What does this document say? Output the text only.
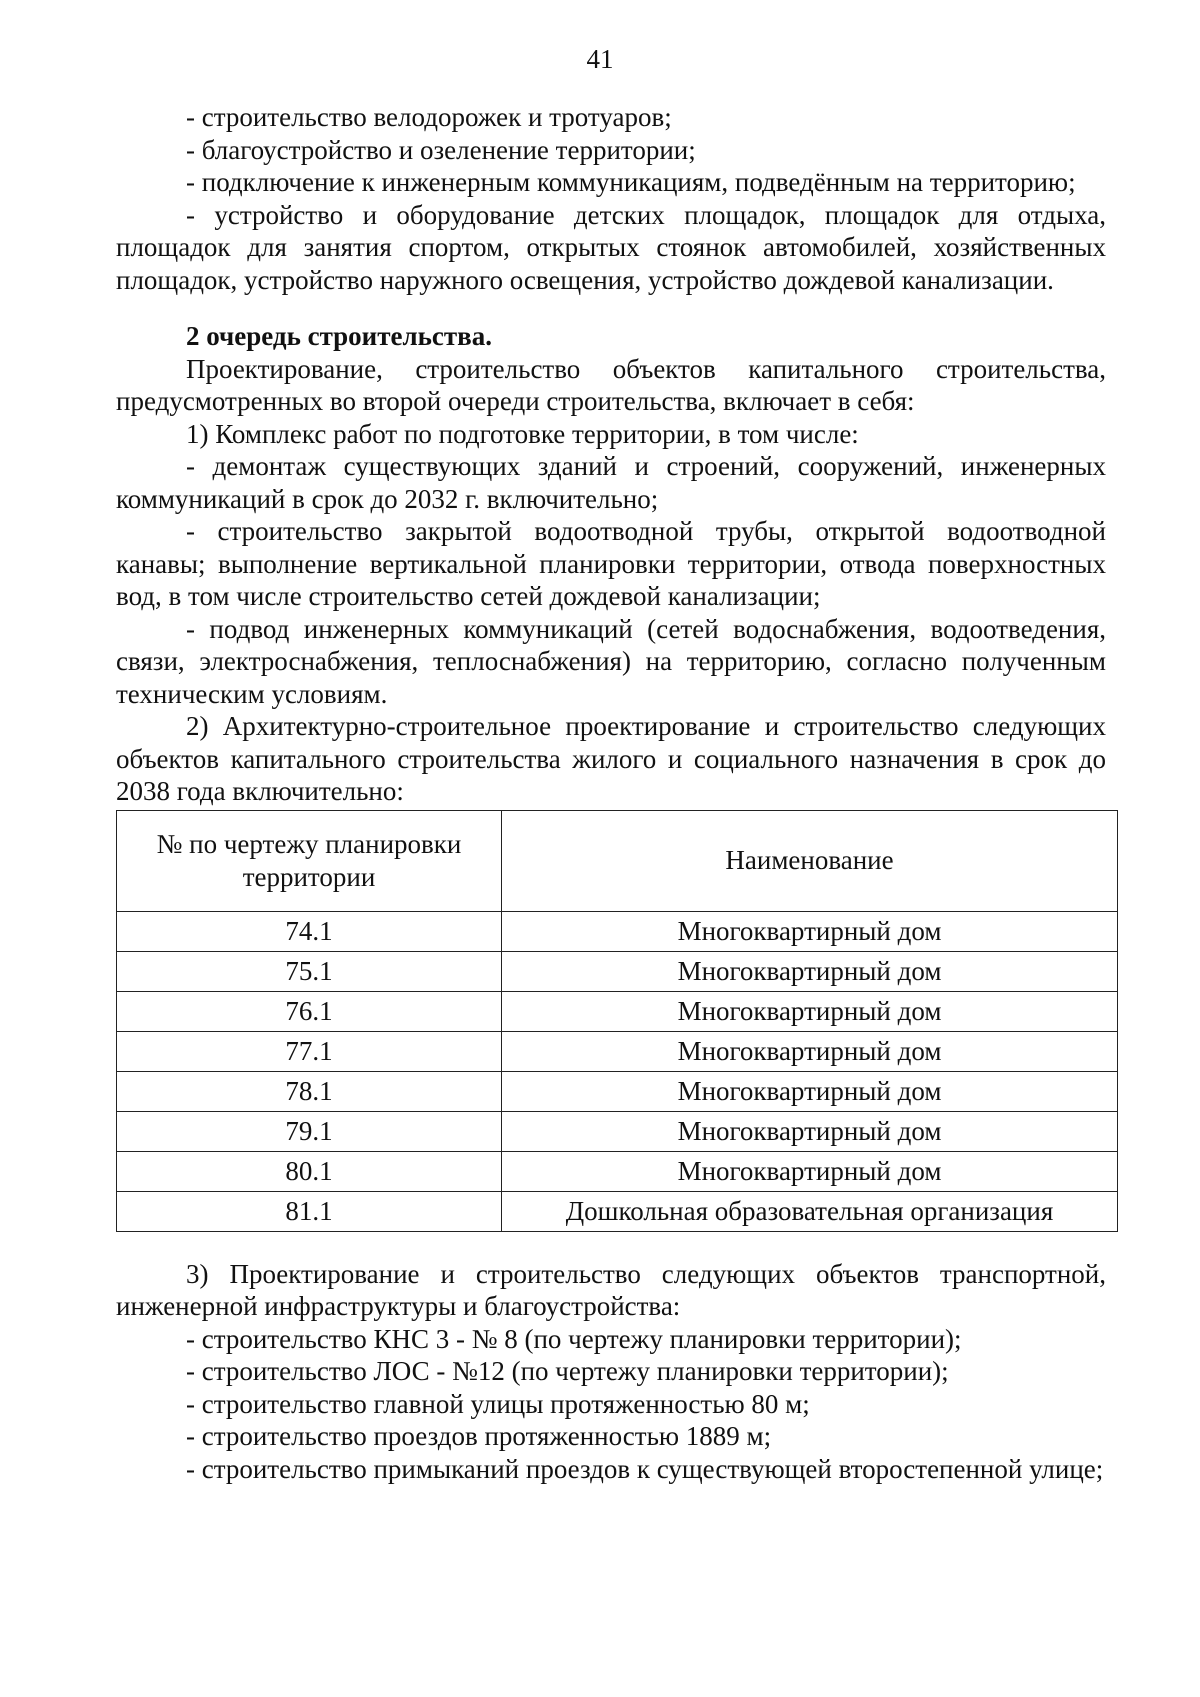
41

- строительство велодорожек и тротуаров;

- благоустройство и озеленение территории;

- подключение к инженерным коммуникациям, подведённым на территорию;

- устройство и оборудование детских площадок, площадок для отдыха, площадок для занятия спортом, открытых стоянок автомобилей, хозяйственных площадок, устройство наружного освещения, устройство дождевой канализации.

2 очередь строительства.

Проектирование, строительство объектов капитального строительства, предусмотренных во второй очереди строительства, включает в себя:

1) Комплекс работ по подготовке территории, в том числе:

- демонтаж существующих зданий и строений, сооружений, инженерных коммуникаций в срок до 2032 г. включительно;

- строительство закрытой водоотводной трубы, открытой водоотводной канавы; выполнение вертикальной планировки территории, отвода поверхностных вод, в том числе строительство сетей дождевой канализации;

- подвод инженерных коммуникаций (сетей водоснабжения, водоотведения, связи, электроснабжения, теплоснабжения) на территорию, согласно полученным техническим условиям.

2) Архитектурно-строительное проектирование и строительство следующих объектов капитального строительства жилого и социального назначения в срок до 2038 года включительно:

№ по чертежу планировки территории	Наименование
74.1	Многоквартирный дом
75.1	Многоквартирный дом
76.1	Многоквартирный дом
77.1	Многоквартирный дом
78.1	Многоквартирный дом
79.1	Многоквартирный дом
80.1	Многоквартирный дом
81.1	Дошкольная образовательная организация

3) Проектирование и строительство следующих объектов транспортной, инженерной инфраструктуры и благоустройства:

- строительство КНС 3 - № 8 (по чертежу планировки территории);

- строительство ЛОС - №12 (по чертежу планировки территории);

- строительство главной улицы протяженностью 80 м;

- строительство проездов протяженностью 1889 м;

- строительство примыканий проездов к существующей второстепенной улице;
